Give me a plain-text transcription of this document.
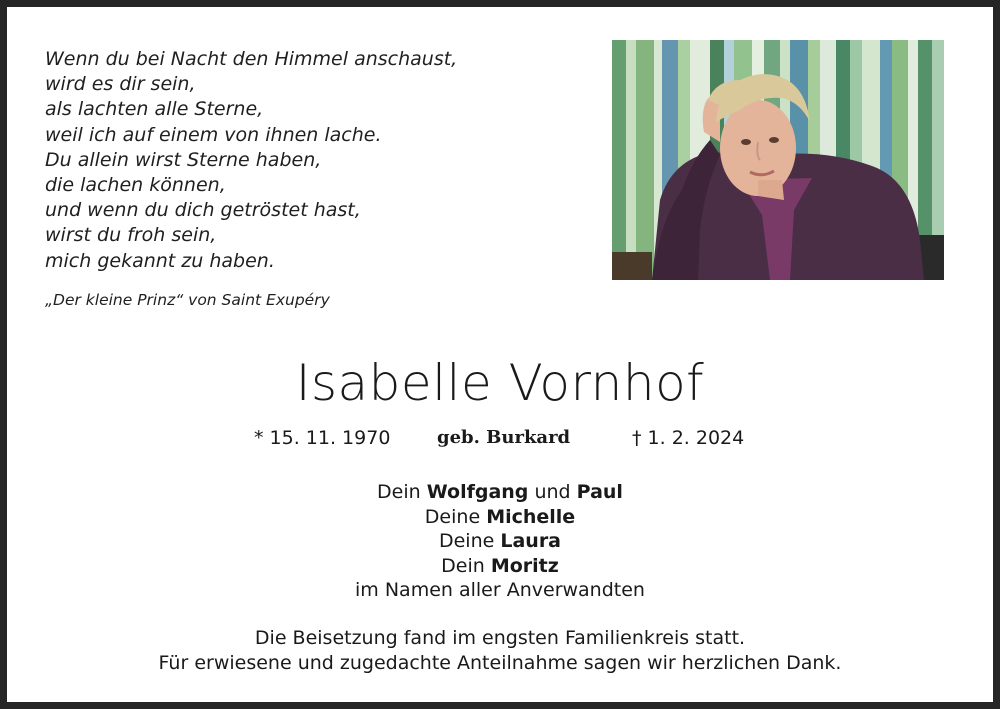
Wenn du bei Nacht den Himmel anschaust,
wird es dir sein,
als lachten alle Sterne,
weil ich auf einem von ihnen lache.
Du allein wirst Sterne haben,
die lachen können,
und wenn du dich getröstet hast,
wirst du froh sein,
mich gekannt zu haben.
„Der kleine Prinz“ von Saint Exupéry
Isabelle Vornhof
* 15. 11. 1970	geb. Burkard	† 1. 2. 2024
Dein Wolfgang und Paul
Deine Michelle
Deine Laura
Dein Moritz
im Namen aller Anverwandten
Die Beisetzung fand im engsten Familienkreis statt.
Für erwiesene und zugedachte Anteilnahme sagen wir herzlichen Dank.
